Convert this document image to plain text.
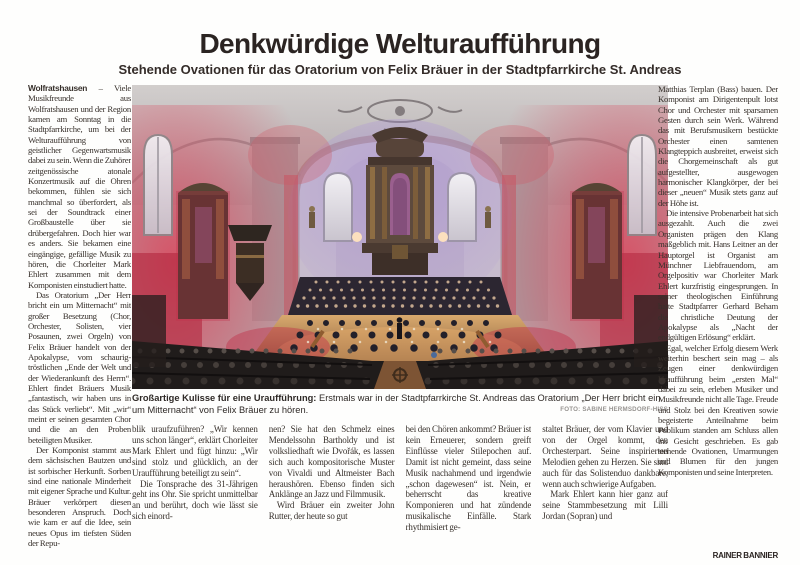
Denkwürdige Welturaufführung
Stehende Ovationen für das Oratorium von Felix Bräuer in der Stadtpfarrkirche St. Andreas

Wolfratshausen – Viele Musikfreunde aus Wolfratshausen und der Region kamen am Sonntag in die Stadtpfarrkirche, um bei der Welturaufführung von geistlicher Gegenwartsmusik dabei zu sein. Wenn die Zuhörer zeitgenössische atonale Konzertmusik auf die Ohren bekommen, fühlen sie sich manchmal so überfordert, als sei der Soundtrack einer Großbaustelle über sie drübergefahren. Doch hier war es anders. Sie bekamen eine eingängige, gefällige Musik zu hören, die Chorleiter Mark Ehlert zusammen mit dem Komponisten einstudiert hatte.

Das Oratorium „Der Herr bricht ein um Mitternacht“ mit großer Besetzung (Chor, Orchester, Solisten, vier Posaunen, zwei Orgeln) von Felix Bräuer handelt von der Apokalypse, vom schaurig-tröstlichen „Ende der Welt und der Wiederankunft des Herrn“. Ehlert findet Bräuers Musik „fantastisch, wir haben uns in das Stück verliebt“. Mit „wir“ meint er seinen gesamten Chor und die an den Proben beteiligten Musiker.

Der Komponist stammt aus dem sächsischen Bautzen und ist sorbischer Herkunft. Sorben sind eine nationale Minderheit mit eigener Sprache und Kultur. Bräuer verkörpert diesen besonderen Anspruch. Doch wie kam er auf die Idee, sein neues Opus im tiefsten Süden der Repu-

Großartige Kulisse für eine Uraufführung: Erstmals war in der Stadtpfarrkirche St. Andreas das Oratorium „Der Herr bricht ein um Mitternacht“ von Felix Bräuer zu hören.	FOTO: SABINE HERMSDORF-HISS

blik uraufzuführen? „Wir kennen uns schon länger“, erklärt Chorleiter Mark Ehlert und fügt hinzu: „Wir sind stolz und glücklich, an der Uraufführung beteiligt zu sein“.

Die Tonsprache des 31-Jährigen geht ins Ohr. Sie spricht unmittelbar an und berührt, doch wie lässt sie sich einord-

nen? Sie hat den Schmelz eines Mendelssohn Bartholdy und ist volksliedhaft wie Dvořák, es lassen sich auch kompositorische Muster von Vivaldi und Altmeister Bach heraushören. Ebenso finden sich Anklänge an Jazz und Filmmusik.

Wird Bräuer ein zweiter John Rutter, der heute so gut

bei den Chören ankommt? Bräuer ist kein Erneuerer, sondern greift Einflüsse vieler Stilepochen auf. Damit ist nicht gemeint, dass seine Musik nachahmend und irgendwie „schon dagewesen“ ist. Nein, er beherrscht das kreative Komponieren und hat zündende musikalische Einfälle. Stark rhythmisiert ge-

staltet Bräuer, der vom Klavier und von der Orgel kommt, den Orchesterpart. Seine inspirierten Melodien gehen zu Herzen. Sie sind auch für das Solistenduo dankbare, wenn auch schwierige Aufgaben.

Mark Ehlert kann hier ganz auf seine Stammbesetzung mit Lilli Jordan (Sopran) und

Matthias Terplan (Bass) bauen. Der Komponist am Dirigentenpult lotst Chor und Orchester mit sparsamen Gesten durch sein Werk. Während das mit Berufsmusikern bestückte Orchester einen samtenen Klangteppich ausbreitet, erweist sich die Chorgemeinschaft als gut aufgestellter, ausgewogen harmonischer Klangkörper, der bei dieser „neuen“ Musik stets ganz auf der Höhe ist.

Die intensive Probenarbeit hat sich ausgezahlt. Auch die zwei Organisten prägen den Klang maßgeblich mit. Hans Leitner an der Hauptorgel ist Organist am Münchner Liebfrauendom, am Orgelpositiv war Chorleiter Mark Ehlert kurzfristig eingesprungen. In seiner theologischen Einführung hatte Stadtpfarrer Gerhard Beham die christliche Deutung der Apokalypse als „Nacht der endgültigen Erlösung“ erklärt.

Egal, welcher Erfolg diesem Werk weiterhin beschert sein mag – als Zeugen einer denkwürdigen Uraufführung beim „ersten Mal“ dabei zu sein, erleben Musiker und Musikfreunde nicht alle Tage. Freude und Stolz bei den Kreativen sowie begeisterte Anteilnahme beim Publikum standen am Schluss allen ins Gesicht geschrieben. Es gab stehende Ovationen, Umarmungen und Blumen für den jungen Komponisten und seine Interpreten.

RAINER BANNIER
